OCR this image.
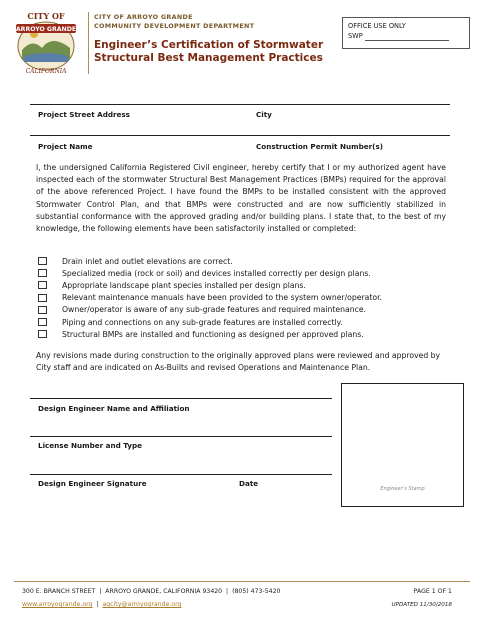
CITY OF
ARROYO GRANDE
CALIFORNIA
CITY OF ARROYO GRANDE
COMMUNITY DEVELOPMENT DEPARTMENT
Engineer’s Certification of Stormwater
Structural Best Management Practices
OFFICE USE ONLY
SWP
Project Street Address	City
Project Name	Construction Permit Number(s)
I, the undersigned California Registered Civil engineer, hereby certify that I or my authorized agent have inspected each of the stormwater Structural Best Management Practices (BMPs) required for the approval of the above referenced Project. I have found the BMPs to be installed consistent with the approved Stormwater Control Plan, and that BMPs were constructed and are now sufficiently stabilized in substantial conformance with the approved grading and/or building plans. I state that, to the best of my knowledge, the following elements have been satisfactorily installed or completed:
Drain inlet and outlet elevations are correct.
Specialized media (rock or soil) and devices installed correctly per design plans.
Appropriate landscape plant species installed per design plans.
Relevant maintenance manuals have been provided to the system owner/operator.
Owner/operator is aware of any sub-grade features and required maintenance.
Piping and connections on any sub-grade features are installed correctly.
Structural BMPs are installed and functioning as designed per approved plans.
Any revisions made during construction to the originally approved plans were reviewed and approved by City staff and are indicated on As-Builts and revised Operations and Maintenance Plan.
Design Engineer Name and Affiliation
License Number and Type
Design Engineer Signature	Date
Engineer’s Stamp
300 E. BRANCH STREET  |  ARROYO GRANDE, CALIFORNIA 93420  |  (805) 473-5420
www.arroyogrande.org  |  agcity@arroyogrande.org
PAGE 1 OF 1
UPDATED 11/30/2018
